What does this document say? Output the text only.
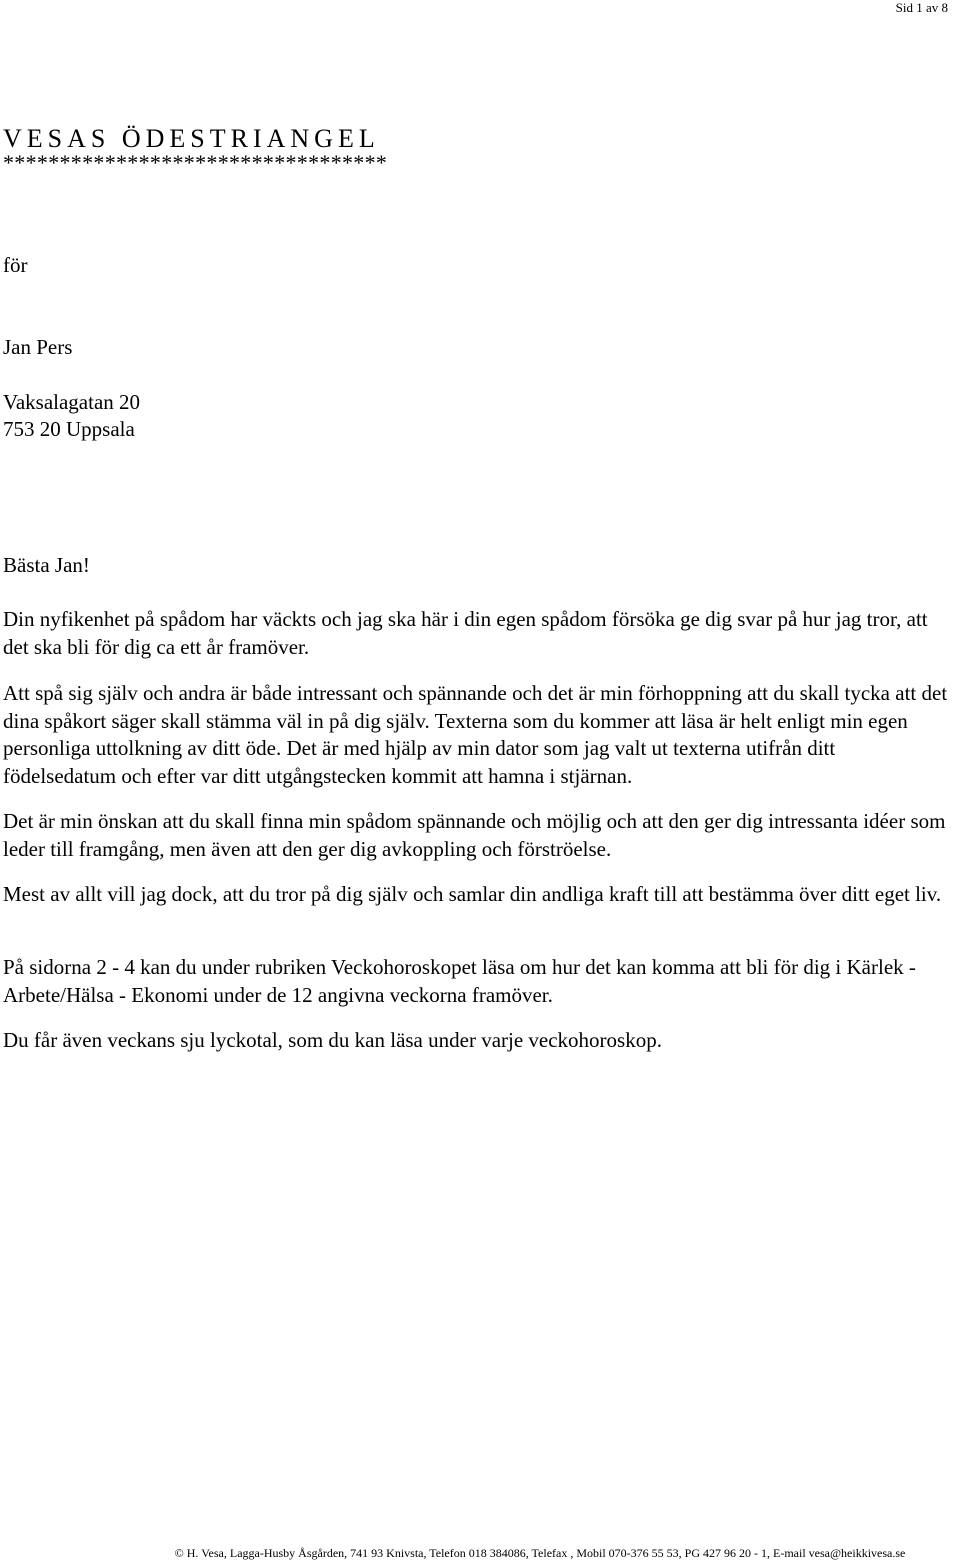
Sid 1 av 8
VESAS ÖDESTRIANGEL
**********************************
för
Jan Pers
Vaksalagatan 20
753 20 Uppsala
Bästa Jan!
Din nyfikenhet på spådom har väckts och jag ska här i din egen spådom försöka ge dig svar på hur jag tror, att det ska bli för dig ca ett år framöver.
Att spå sig själv och andra är både intressant och spännande och det är min förhoppning att du skall tycka att det dina spåkort säger skall stämma väl in på dig själv. Texterna som du kommer att läsa är helt enligt min egen personliga uttolkning av ditt öde. Det är med hjälp av min dator som jag valt ut texterna utifrån ditt födelsedatum och efter var ditt utgångstecken kommit att hamna i stjärnan.
Det är min önskan att du skall finna min spådom spännande och möjlig och att den ger dig intressanta idéer som leder till framgång, men även att den ger dig avkoppling och förströelse.
Mest av allt vill jag dock, att du tror på dig själv och samlar din andliga kraft till att bestämma över ditt eget liv.
På sidorna 2 - 4 kan du under rubriken Veckohoroskopet läsa om hur det kan komma att bli för dig i Kärlek - Arbete/Hälsa - Ekonomi under de 12 angivna veckorna framöver.
Du får även veckans sju lyckotal, som du kan läsa under varje veckohoroskop.
© H. Vesa, Lagga-Husby Åsgården, 741 93 Knivsta, Telefon 018 384086, Telefax , Mobil 070-376 55 53, PG 427 96 20 - 1, E-mail vesa@heikkivesa.se
